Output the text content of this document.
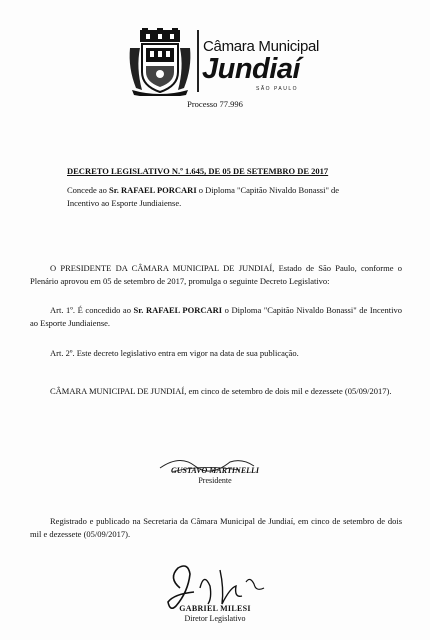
Câmara Municipal
Jundiaí
SÃO PAULO
Processo 77.996
DECRETO LEGISLATIVO N.º 1.645, DE 05 DE SETEMBRO DE 2017

Concede ao Sr. RAFAEL PORCARI o Diploma "Capitão Nivaldo Bonassi" de Incentivo ao Esporte Jundiaiense.

O PRESIDENTE DA CÂMARA MUNICIPAL DE JUNDIAÍ, Estado de São Paulo, conforme o Plenário aprovou em 05 de setembro de 2017, promulga o seguinte Decreto Legislativo:

Art. 1º. É concedido ao Sr. RAFAEL PORCARI o Diploma "Capitão Nivaldo Bonassi" de Incentivo ao Esporte Jundiaiense.

Art. 2º. Este decreto legislativo entra em vigor na data de sua publicação.

CÂMARA MUNICIPAL DE JUNDIAÍ, em cinco de setembro de dois mil e dezessete (05/09/2017).

GUSTAVO MARTINELLI
Presidente

Registrado e publicado na Secretaria da Câmara Municipal de Jundiaí, em cinco de setembro de dois mil e dezessete (05/09/2017).

GABRIEL MILESI
Diretor Legislativo
